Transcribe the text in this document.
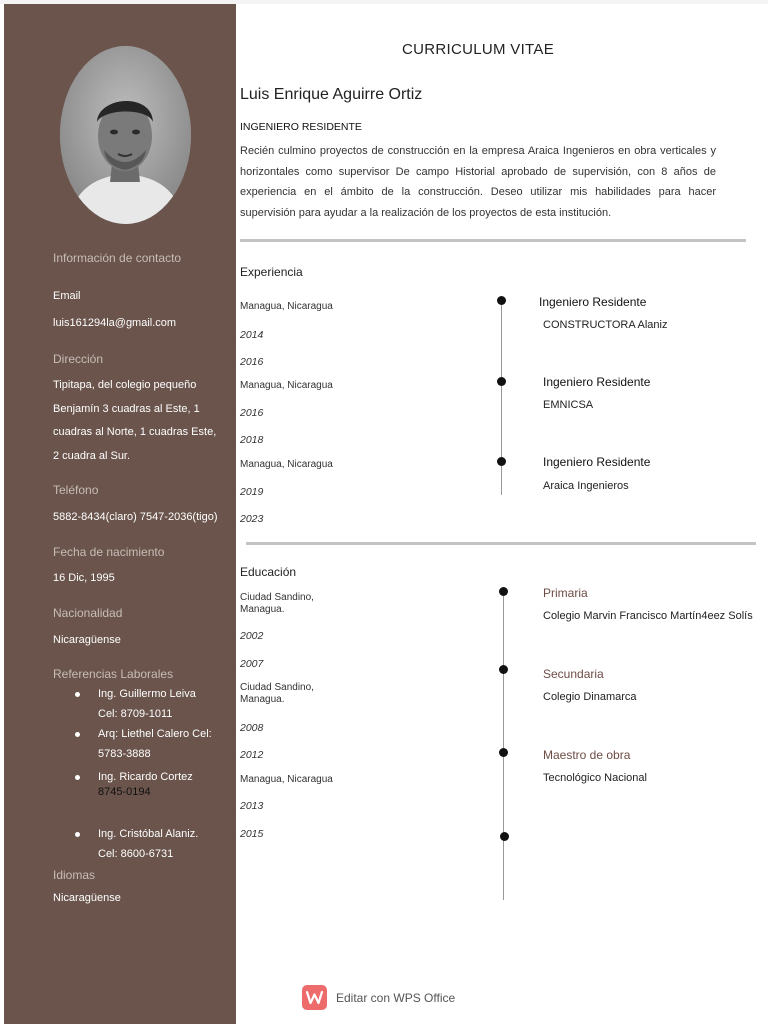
Información de contacto
Email
luis161294la@gmail.com
Dirección
Tipitapa, del colegio pequeño Benjamín 3 cuadras al Este, 1 cuadras al Norte, 1 cuadras Este, 2 cuadra al Sur.
Teléfono
5882-8434(claro) 7547-2036(tigo)
Fecha de nacimiento
16 Dic, 1995
Nacionalidad
Nicaragüense
Referencias Laborales
Ing. Guillermo Leiva
Cel: 8709-1011
Arq: Liethel Calero Cel:
5783-3888
Ing. Ricardo Cortez
8745-0194
Ing. Cristóbal Alaniz.
Cel: 8600-6731
Idiomas
Nicaragüense
CURRICULUM VITAE
Luis Enrique Aguirre Ortiz
INGENIERO RESIDENTE
Recién culmino proyectos de construcción en la empresa Araica Ingenieros en obra verticales y horizontales como supervisor De campo Historial aprobado de supervisión, con 8 años de experiencia en el ámbito de la construcción. Deseo utilizar mis habilidades para hacer supervisión para ayudar a la realización de los proyectos de esta institución.
Experiencia
Managua, Nicaragua
2014
2016
Ingeniero Residente
CONSTRUCTORA Alaniz
Managua, Nicaragua
2016
2018
Ingeniero Residente
EMNICSA
Managua, Nicaragua
2019
2023
Ingeniero Residente
Araica Ingenieros
Educación
Ciudad Sandino, Managua.
2002
2007
Primaria
Colegio Marvin Francisco Martín4eez Solís
Ciudad Sandino, Managua.
2008
2012
Secundaria
Colegio Dinamarca
Managua, Nicaragua
2013
2015
Maestro de obra
Tecnológico Nacional
Editar con WPS Office
